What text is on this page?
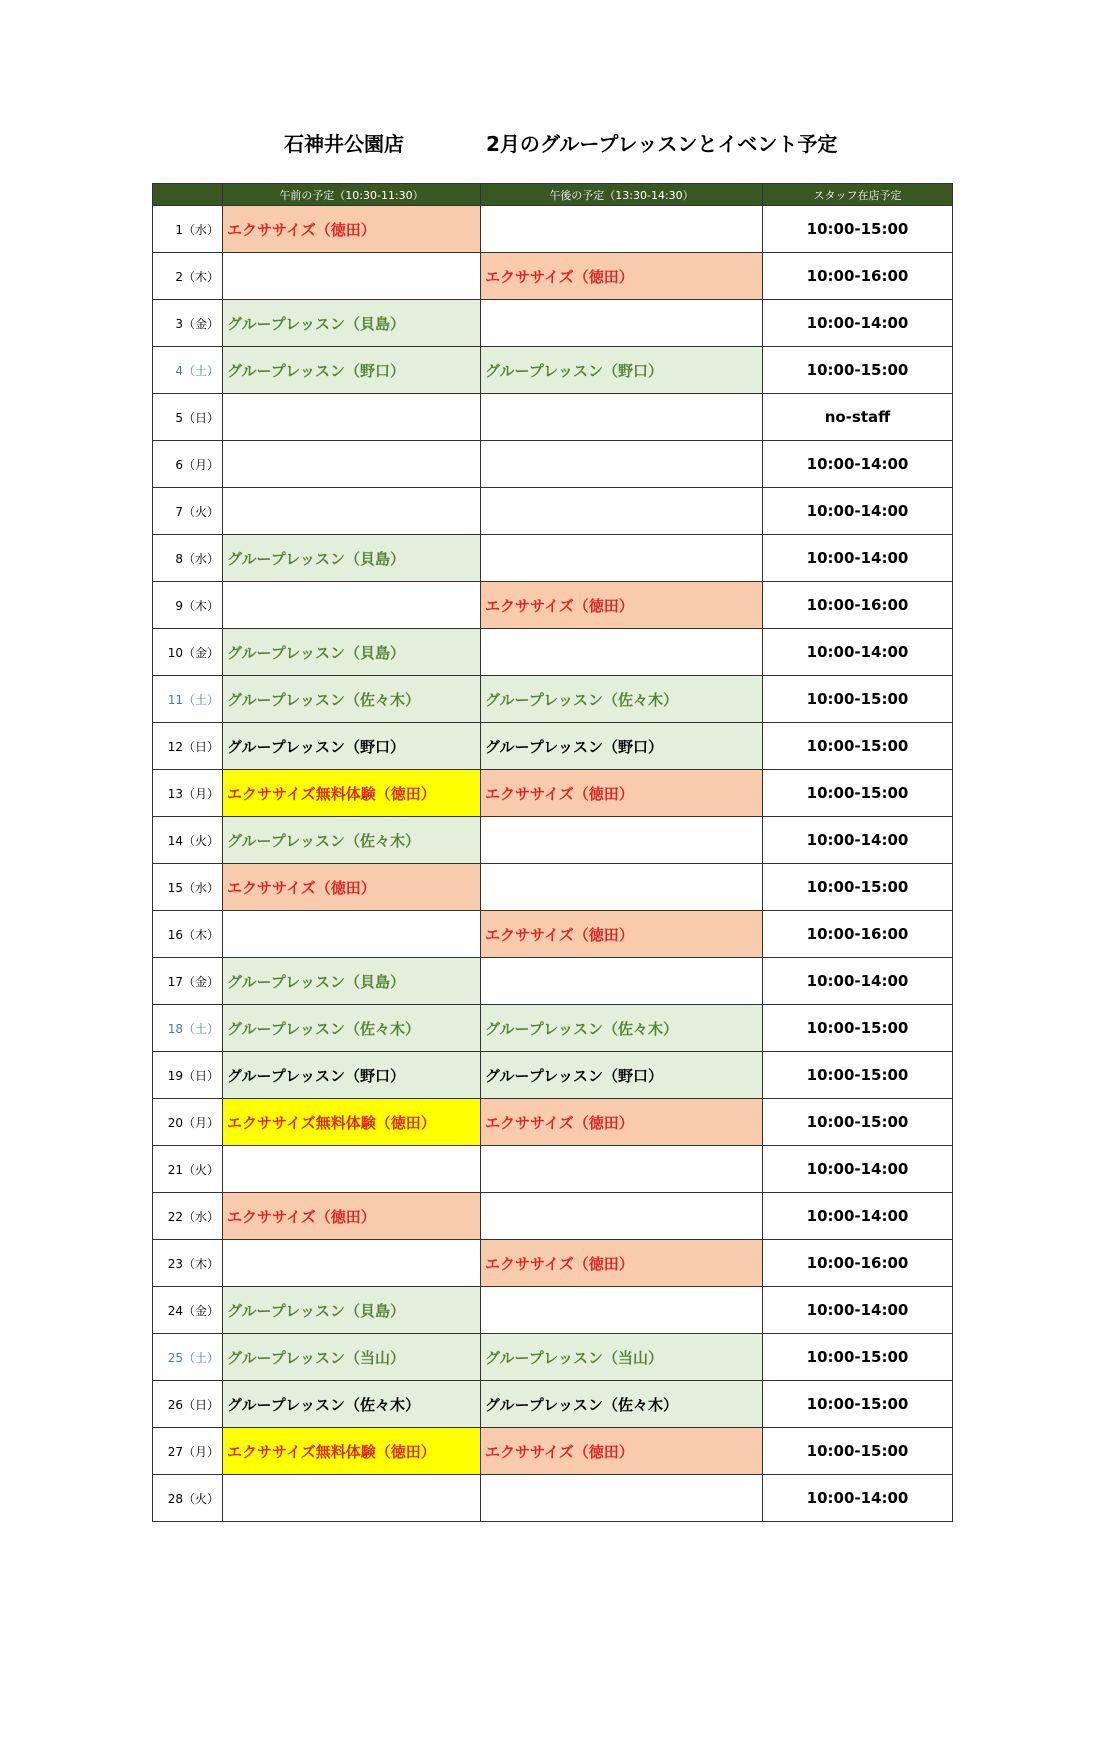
石神井公園店	2月のグループレッスンとイベント予定
	午前の予定（10:30-11:30）	午後の予定（13:30-14:30）	スタッフ在店予定
1（水）	エクササイズ（徳田）		10:00-15:00
2（木）		エクササイズ（徳田）	10:00-16:00
3（金）	グループレッスン（貝島）		10:00-14:00
4（土）	グループレッスン（野口）	グループレッスン（野口）	10:00-15:00
5（日）			no-staff
6（月）			10:00-14:00
7（火）			10:00-14:00
8（水）	グループレッスン（貝島）		10:00-14:00
9（木）		エクササイズ（徳田）	10:00-16:00
10（金）	グループレッスン（貝島）		10:00-14:00
11（土）	グループレッスン（佐々木）	グループレッスン（佐々木）	10:00-15:00
12（日）	グループレッスン（野口）	グループレッスン（野口）	10:00-15:00
13（月）	エクササイズ無料体験（徳田）	エクササイズ（徳田）	10:00-15:00
14（火）	グループレッスン（佐々木）		10:00-14:00
15（水）	エクササイズ（徳田）		10:00-15:00
16（木）		エクササイズ（徳田）	10:00-16:00
17（金）	グループレッスン（貝島）		10:00-14:00
18（土）	グループレッスン（佐々木）	グループレッスン（佐々木）	10:00-15:00
19（日）	グループレッスン（野口）	グループレッスン（野口）	10:00-15:00
20（月）	エクササイズ無料体験（徳田）	エクササイズ（徳田）	10:00-15:00
21（火）			10:00-14:00
22（水）	エクササイズ（徳田）		10:00-14:00
23（木）		エクササイズ（徳田）	10:00-16:00
24（金）	グループレッスン（貝島）		10:00-14:00
25（土）	グループレッスン（当山）	グループレッスン（当山）	10:00-15:00
26（日）	グループレッスン（佐々木）	グループレッスン（佐々木）	10:00-15:00
27（月）	エクササイズ無料体験（徳田）	エクササイズ（徳田）	10:00-15:00
28（火）			10:00-14:00
